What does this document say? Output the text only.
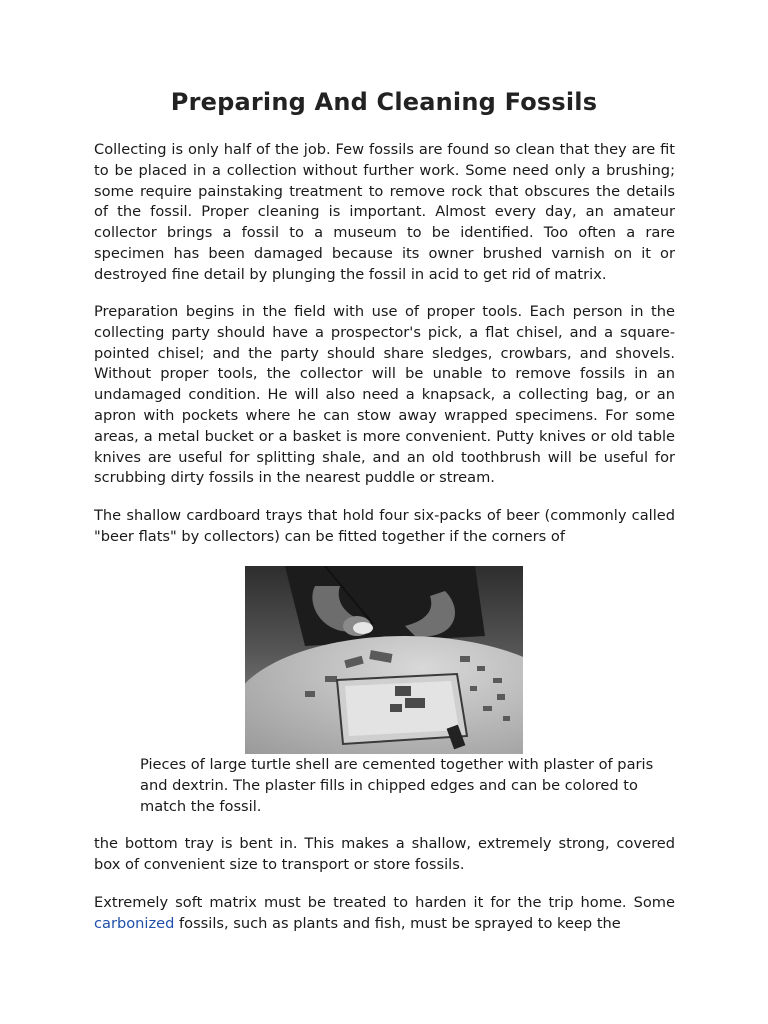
Preparing And Cleaning Fossils

Collecting is only half of the job. Few fossils are found so clean that they are fit to be placed in a collection without further work. Some need only a brushing; some require painstaking treatment to remove rock that obscures the details of the fossil. Proper cleaning is important. Almost every day, an amateur collector brings a fossil to a museum to be identified. Too often a rare specimen has been damaged because its owner brushed varnish on it or destroyed fine detail by plunging the fossil in acid to get rid of matrix.

Preparation begins in the field with use of proper tools. Each person in the collecting party should have a prospector's pick, a flat chisel, and a square-pointed chisel; and the party should share sledges, crowbars, and shovels. Without proper tools, the collector will be unable to remove fossils in an undamaged condition. He will also need a knapsack, a collecting bag, or an apron with pockets where he can stow away wrapped specimens. For some areas, a metal bucket or a basket is more convenient. Putty knives or old table knives are useful for splitting shale, and an old toothbrush will be useful for scrubbing dirty fossils in the nearest puddle or stream.

The shallow cardboard trays that hold four six-packs of beer (commonly called "beer flats" by collectors) can be fitted together if the corners of

Pieces of large turtle shell are cemented together with plaster of paris and dextrin. The plaster fills in chipped edges and can be colored to match the fossil.

the bottom tray is bent in. This makes a shallow, extremely strong, covered box of convenient size to transport or store fossils.

Extremely soft matrix must be treated to harden it for the trip home. Some carbonized fossils, such as plants and fish, must be sprayed to keep the
